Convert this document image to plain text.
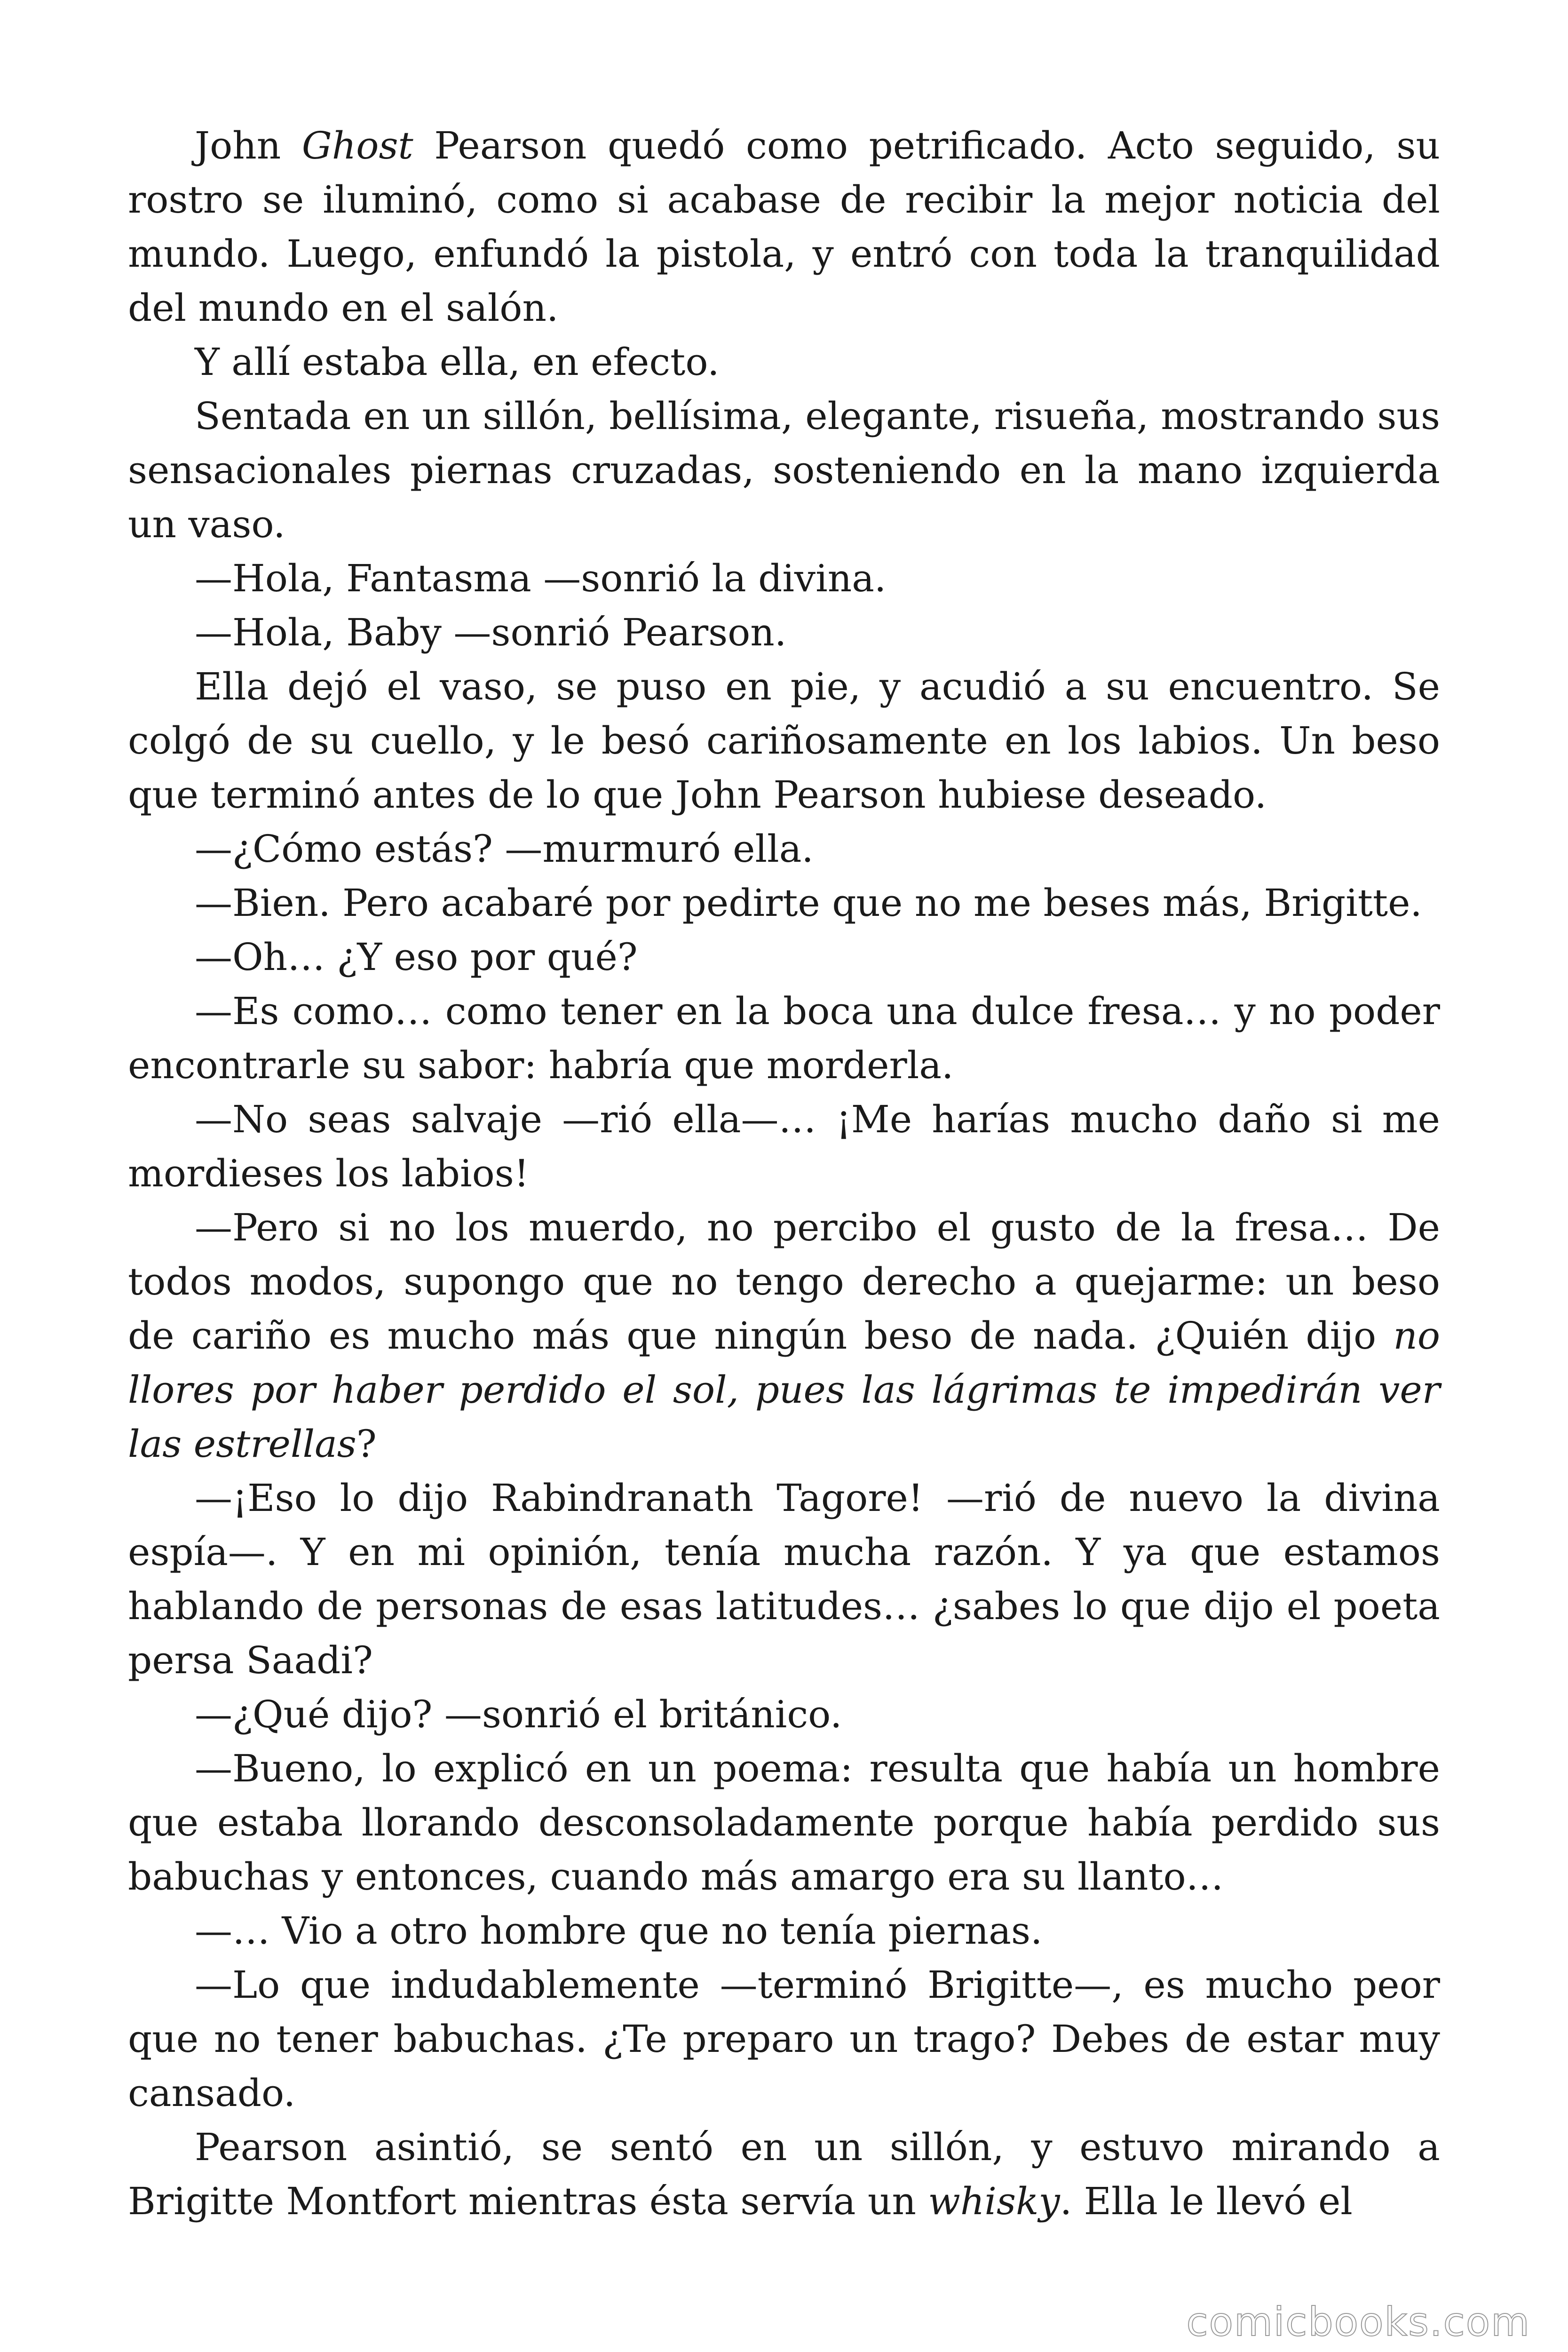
John Ghost Pearson quedó como petrificado. Acto seguido, su rostro se iluminó, como si acabase de recibir la mejor noticia del mundo. Luego, enfundó la pistola, y entró con toda la tranquilidad del mundo en el salón.

Y allí estaba ella, en efecto.

Sentada en un sillón, bellísima, elegante, risueña, mostrando sus sensacionales piernas cruzadas, sosteniendo en la mano izquierda un vaso.

—Hola, Fantasma —sonrió la divina.

—Hola, Baby —sonrió Pearson.

Ella dejó el vaso, se puso en pie, y acudió a su encuentro. Se colgó de su cuello, y le besó cariñosamente en los labios. Un beso que terminó antes de lo que John Pearson hubiese deseado.

—¿Cómo estás? —murmuró ella.

—Bien. Pero acabaré por pedirte que no me beses más, Brigitte.

—Oh… ¿Y eso por qué?

—Es como… como tener en la boca una dulce fresa… y no poder encontrarle su sabor: habría que morderla.

—No seas salvaje —rió ella—… ¡Me harías mucho daño si me mordieses los labios!

—Pero si no los muerdo, no percibo el gusto de la fresa… De todos modos, supongo que no tengo derecho a quejarme: un beso de cariño es mucho más que ningún beso de nada. ¿Quién dijo no llores por haber perdido el sol, pues las lágrimas te impedirán ver las estrellas?

—¡Eso lo dijo Rabindranath Tagore! —rió de nuevo la divina espía—. Y en mi opinión, tenía mucha razón. Y ya que estamos hablando de personas de esas latitudes… ¿sabes lo que dijo el poeta persa Saadi?

—¿Qué dijo? —sonrió el británico.

—Bueno, lo explicó en un poema: resulta que había un hombre que estaba llorando desconsoladamente porque había perdido sus babuchas y entonces, cuando más amargo era su llanto…

—… Vio a otro hombre que no tenía piernas.

—Lo que indudablemente —terminó Brigitte—, es mucho peor que no tener babuchas. ¿Te preparo un trago? Debes de estar muy cansado.

Pearson asintió, se sentó en un sillón, y estuvo mirando a Brigitte Montfort mientras ésta servía un whisky. Ella le llevó el

comicbooks.com
